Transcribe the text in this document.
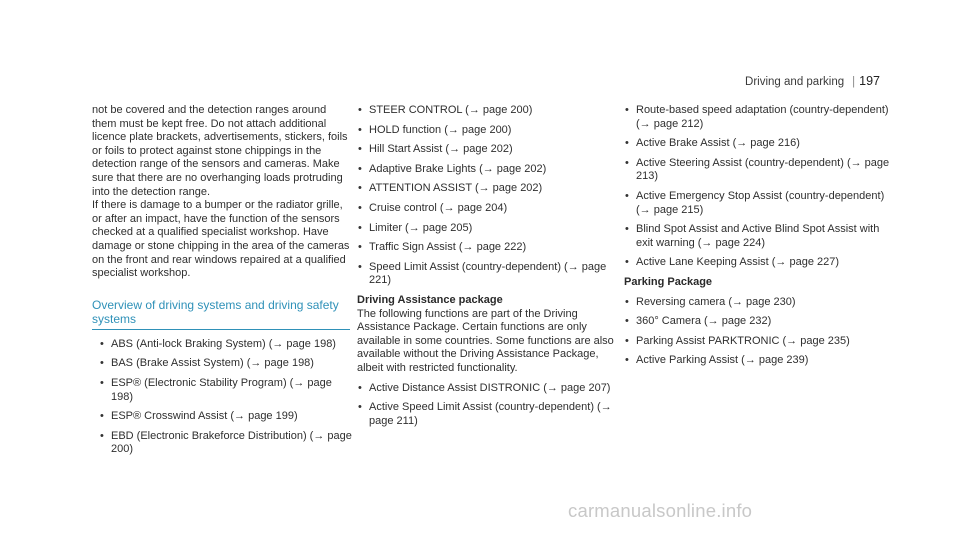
Driving and parking | 197

not be covered and the detection ranges around them must be kept free. Do not attach additional licence plate brackets, advertisements, stickers, foils or foils to protect against stone chippings in the detection range of the sensors and cameras. Make sure that there are no overhanging loads protruding into the detection range.

If there is damage to a bumper or the radiator grille, or after an impact, have the function of the sensors checked at a qualified specialist workshop. Have damage or stone chipping in the area of the cameras on the front and rear windows repaired at a qualified specialist workshop.

Overview of driving systems and driving safety systems
• ABS (Anti-lock Braking System) (→ page 198)
• BAS (Brake Assist System) (→ page 198)
• ESP® (Electronic Stability Program) (→ page 198)
• ESP® Crosswind Assist (→ page 199)
• EBD (Electronic Brakeforce Distribution) (→ page 200)
• STEER CONTROL (→ page 200)
• HOLD function (→ page 200)
• Hill Start Assist (→ page 202)
• Adaptive Brake Lights (→ page 202)
• ATTENTION ASSIST (→ page 202)
• Cruise control (→ page 204)
• Limiter (→ page 205)
• Traffic Sign Assist (→ page 222)
• Speed Limit Assist (country-dependent) (→ page 221)
Driving Assistance package

The following functions are part of the Driving Assistance Package. Certain functions are only available in some countries. Some functions are also available without the Driving Assistance Package, albeit with restricted functionality.

• Active Distance Assist DISTRONIC (→ page 207)
• Active Speed Limit Assist (country-dependent) (→ page 211)
• Route-based speed adaptation (country-dependent) (→ page 212)
• Active Brake Assist (→ page 216)
• Active Steering Assist (country-dependent) (→ page 213)
• Active Emergency Stop Assist (country-dependent) (→ page 215)
• Blind Spot Assist and Active Blind Spot Assist with exit warning (→ page 224)
• Active Lane Keeping Assist (→ page 227)
Parking Package
• Reversing camera (→ page 230)
• 360° Camera (→ page 232)
• Parking Assist PARKTRONIC (→ page 235)
• Active Parking Assist (→ page 239)
carmanualsonline.info
